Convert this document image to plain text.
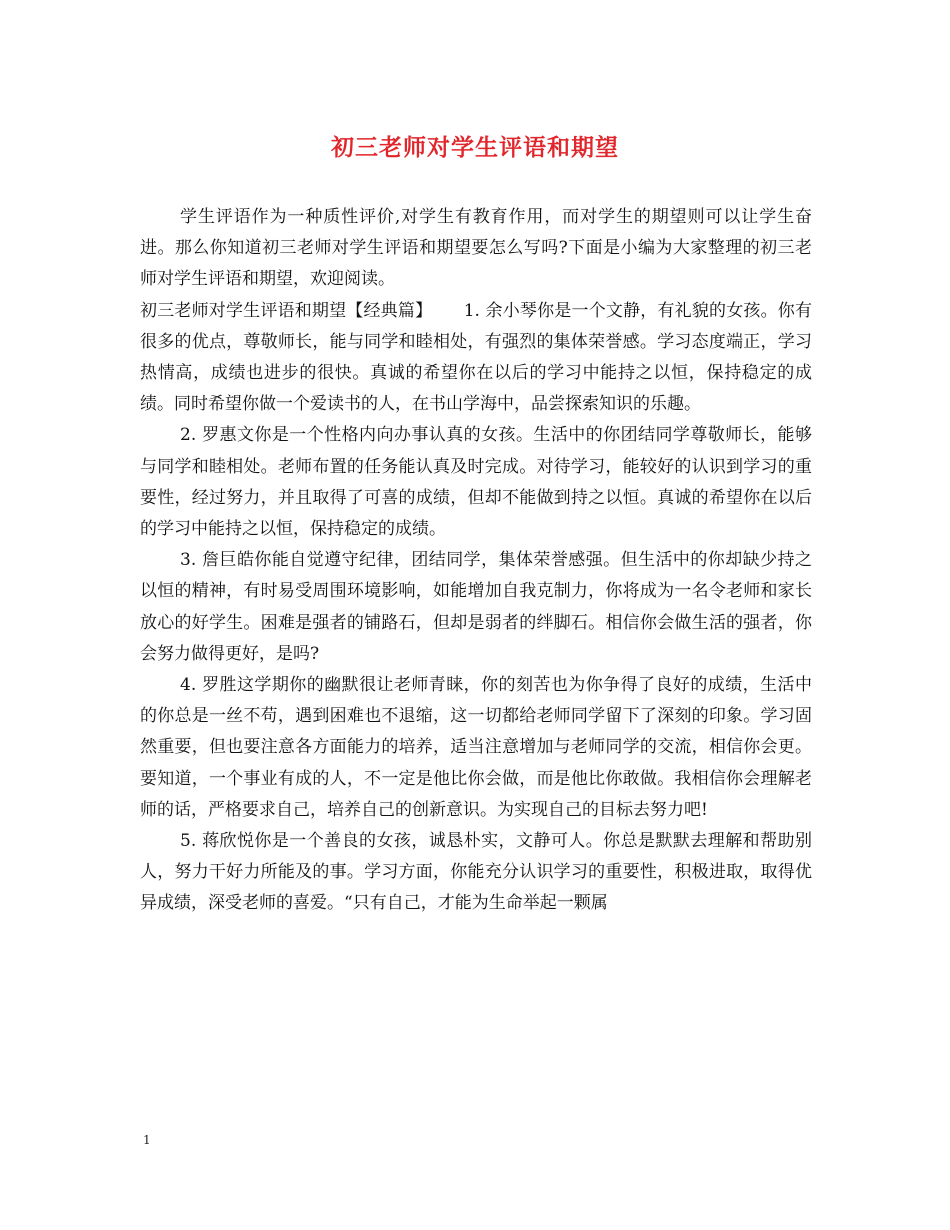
初三老师对学生评语和期望

学生评语作为一种质性评价,对学生有教育作用，而对学生的期望则可以让学生奋进。那么你知道初三老师对学生评语和期望要怎么写吗?下面是小编为大家整理的初三老师对学生评语和期望，欢迎阅读。

初三老师对学生评语和期望【经典篇】　　 1. 余小琴你是一个文静，有礼貌的女孩。你有很多的优点，尊敬师长，能与同学和睦相处，有强烈的集体荣誉感。学习态度端正，学习热情高，成绩也进步的很快。真诚的希望你在以后的学习中能持之以恒，保持稳定的成绩。同时希望你做一个爱读书的人，在书山学海中，品尝探索知识的乐趣。

2. 罗惠文你是一个性格内向办事认真的女孩。生活中的你团结同学尊敬师长，能够与同学和睦相处。老师布置的任务能认真及时完成。对待学习，能较好的认识到学习的重要性，经过努力，并且取得了可喜的成绩，但却不能做到持之以恒。真诚的希望你在以后的学习中能持之以恒，保持稳定的成绩。

3. 詹巨皓你能自觉遵守纪律，团结同学，集体荣誉感强。但生活中的你却缺少持之以恒的精神，有时易受周围环境影响，如能增加自我克制力，你将成为一名令老师和家长放心的好学生。困难是强者的铺路石，但却是弱者的绊脚石。相信你会做生活的强者，你会努力做得更好，是吗?

4. 罗胜这学期你的幽默很让老师青睐，你的刻苦也为你争得了良好的成绩，生活中的你总是一丝不苟，遇到困难也不退缩，这一切都给老师同学留下了深刻的印象。学习固然重要，但也要注意各方面能力的培养，适当注意增加与老师同学的交流，相信你会更。要知道，一个事业有成的人，不一定是他比你会做，而是他比你敢做。我相信你会理解老师的话，严格要求自己，培养自己的创新意识。为实现自己的目标去努力吧!

5. 蒋欣悦你是一个善良的女孩，诚恳朴实，文静可人。你总是默默去理解和帮助别人，努力干好力所能及的事。学习方面，你能充分认识学习的重要性，积极进取，取得优异成绩，深受老师的喜爱。“只有自己，才能为生命举起一颗属

1
